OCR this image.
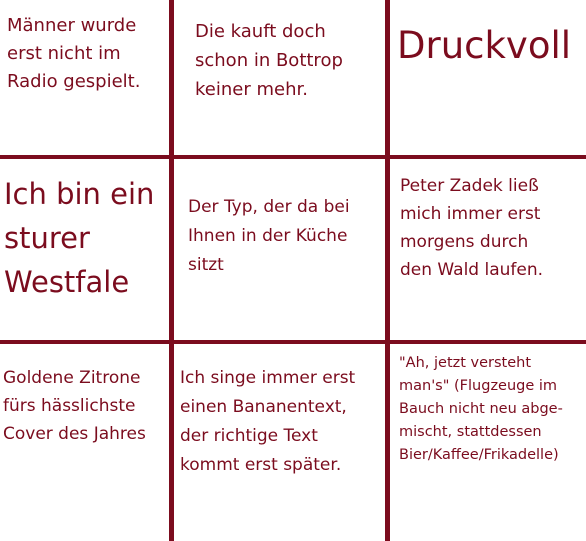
Männer wurde
erst nicht im
Radio gespielt.
Die kauft doch
schon in Bottrop
keiner mehr.
Druckvoll
Ich bin ein
sturer
Westfale
Der Typ, der da bei
Ihnen in der Küche
sitzt
Peter Zadek ließ
mich immer erst
morgens durch
den Wald laufen.
Goldene Zitrone
fürs hässlichste
Cover des Jahres
Ich singe immer erst
einen Bananentext,
der richtige Text
kommt erst später.
"Ah, jetzt versteht
man's" (Flugzeuge im
Bauch nicht neu abge-
mischt, stattdessen
Bier/Kaffee/Frikadelle)
